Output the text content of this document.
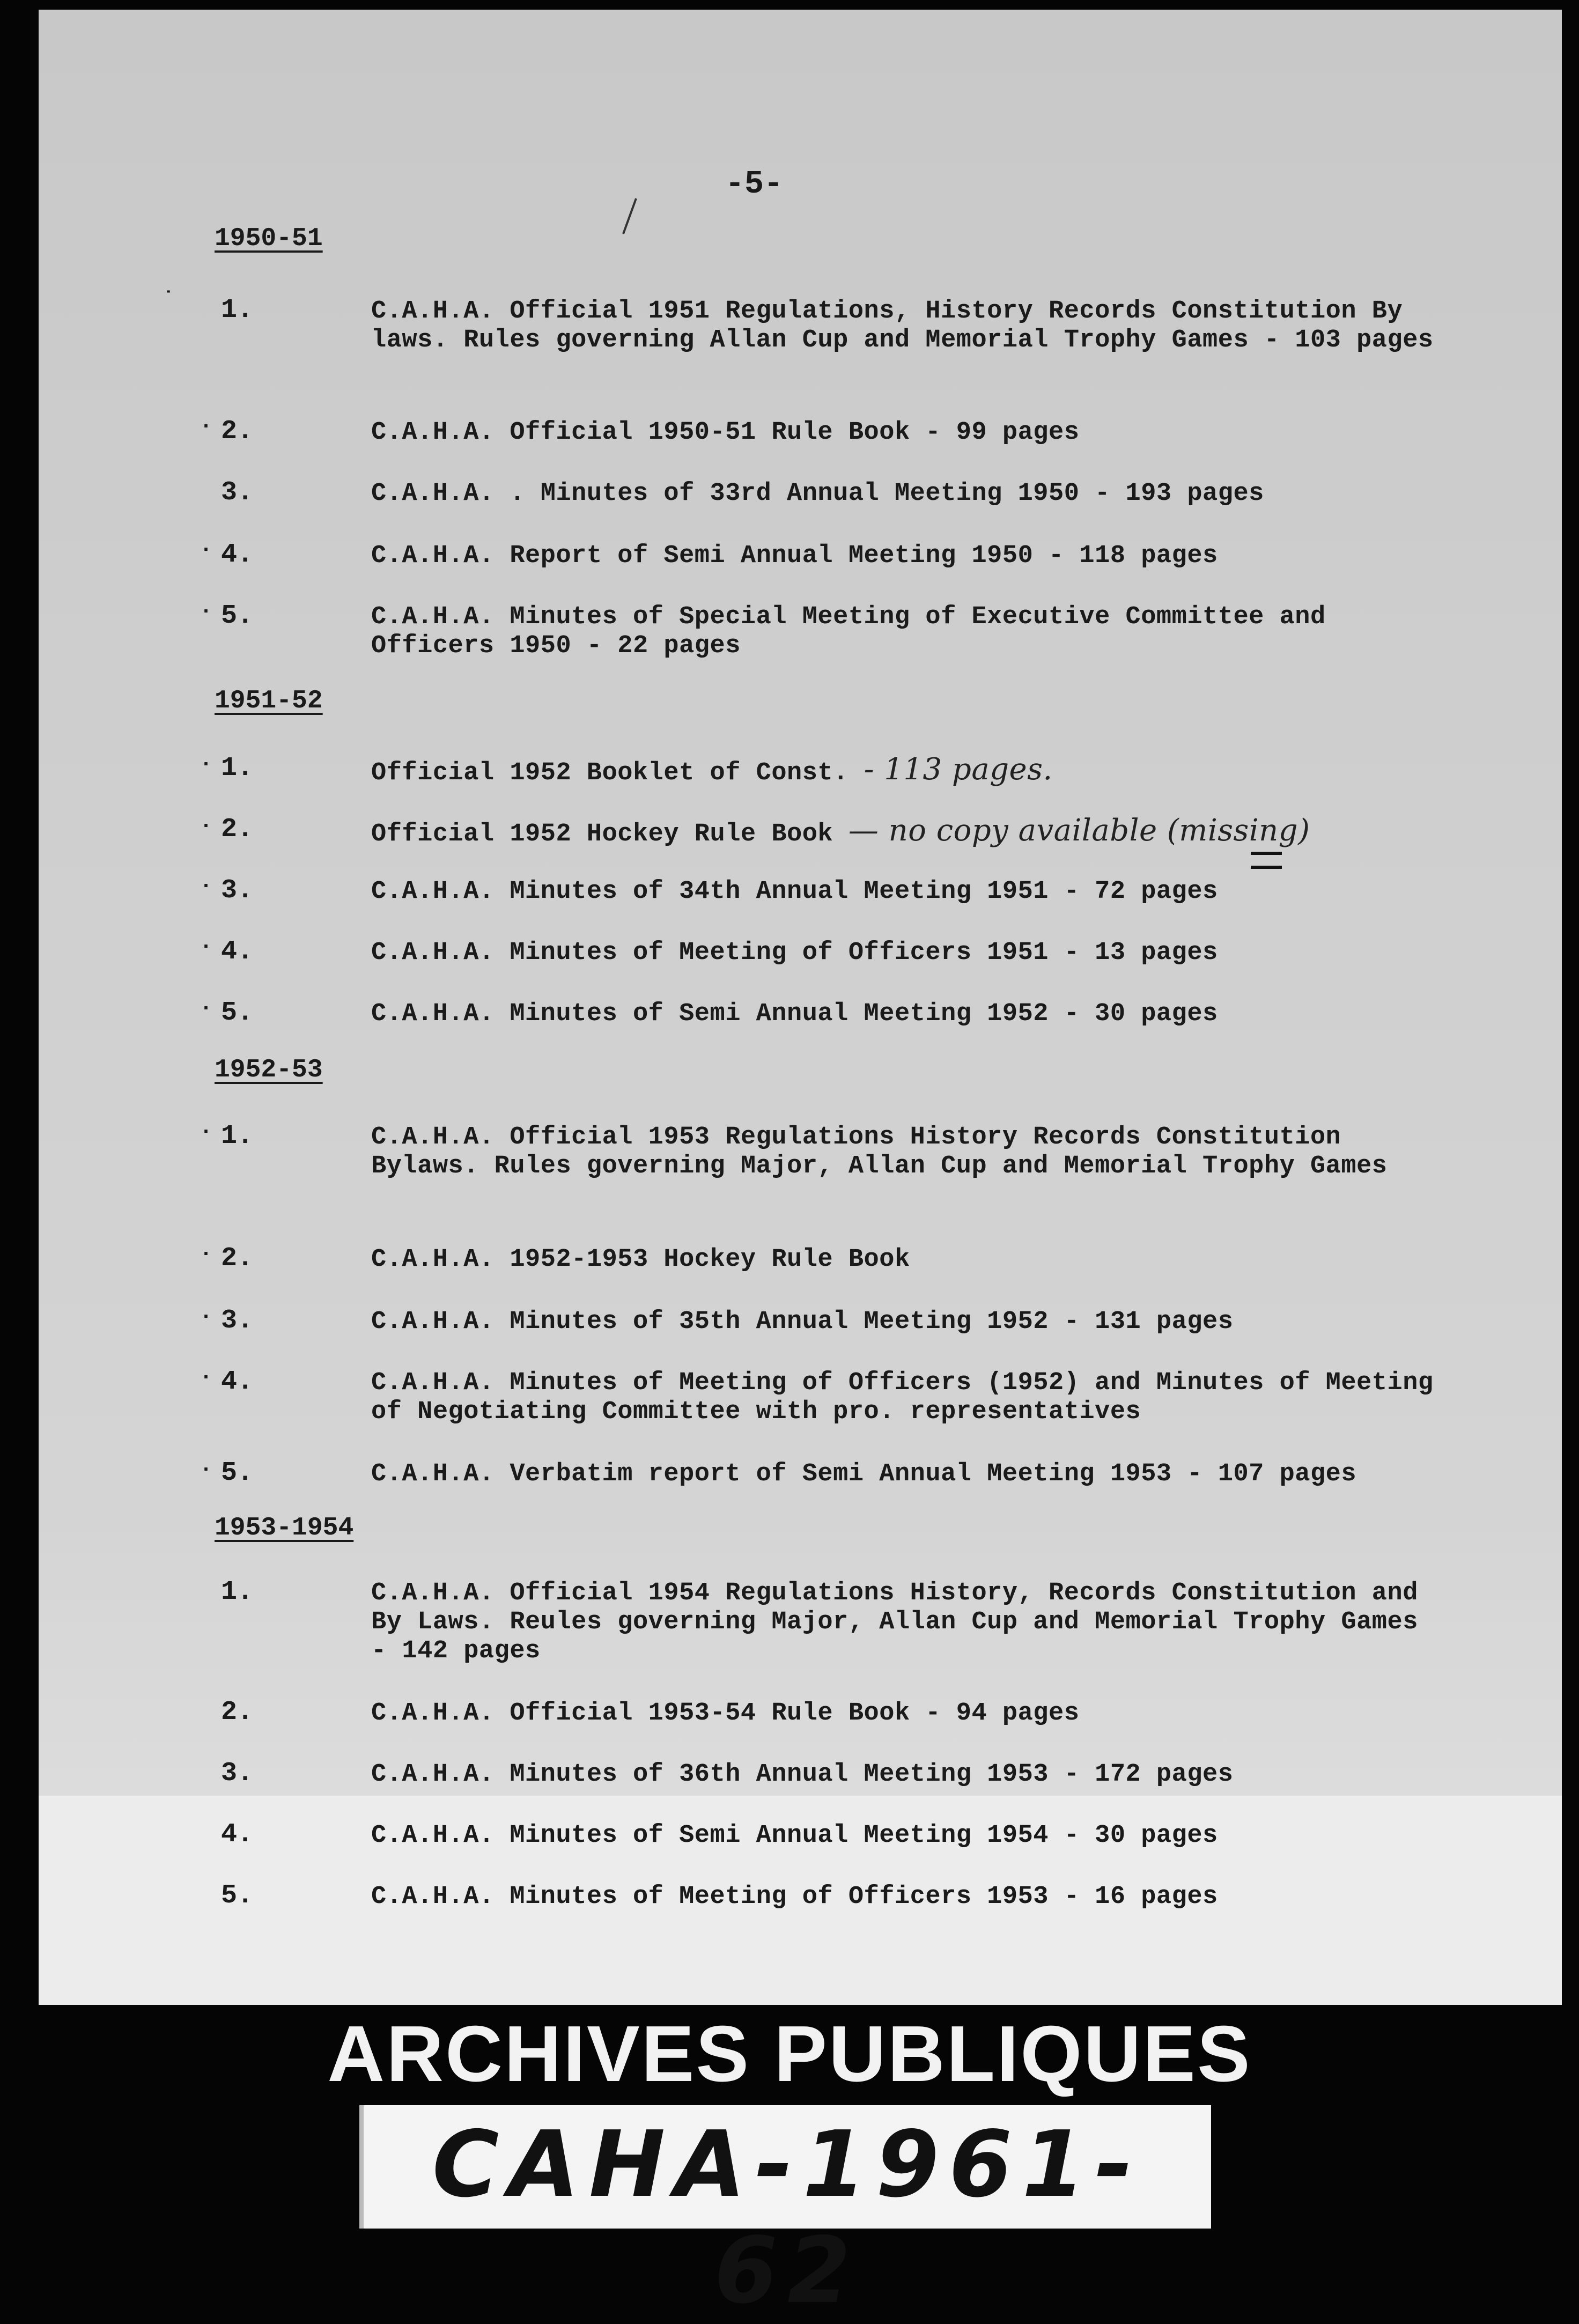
-5-
1950-51
˙ 1.	C.A.H.A. Official 1951 Regulations, History Records Constitution By laws. Rules governing Allan Cup and Memorial Trophy Games - 103 pages
· 2.	C.A.H.A. Official 1950-51 Rule Book - 99 pages
3.	C.A.H.A. . Minutes of 33rd Annual Meeting 1950 - 193 pages
· 4.	C.A.H.A. Report of Semi Annual Meeting 1950 - 118 pages
· 5.	C.A.H.A. Minutes of Special Meeting of Executive Committee and Officers 1950 - 22 pages
1951-52
· 1.	Official 1952 Booklet of Const. - 113 pages.
· 2.	Official 1952 Hockey Rule Book — no copy available (missing)
· 3.	C.A.H.A. Minutes of 34th Annual Meeting 1951 - 72 pages
· 4.	C.A.H.A. Minutes of Meeting of Officers 1951 - 13 pages
· 5.	C.A.H.A. Minutes of Semi Annual Meeting 1952 - 30 pages
1952-53
· 1.	C.A.H.A. Official 1953 Regulations History Records Constitution Bylaws. Rules governing Major, Allan Cup and Memorial Trophy Games
· 2.	C.A.H.A. 1952-1953 Hockey Rule Book
· 3.	C.A.H.A. Minutes of 35th Annual Meeting 1952 - 131 pages
· 4.	C.A.H.A. Minutes of Meeting of Officers (1952) and Minutes of Meeting of Negotiating Committee with pro. representatives
· 5.	C.A.H.A. Verbatim report of Semi Annual Meeting 1953 - 107 pages
1953-1954
1.	C.A.H.A. Official 1954 Regulations History, Records Constitution and By Laws. Reules governing Major, Allan Cup and Memorial Trophy Games - 142 pages
2.	C.A.H.A. Official 1953-54 Rule Book - 94 pages
3.	C.A.H.A. Minutes of 36th Annual Meeting 1953 - 172 pages
4.	C.A.H.A. Minutes of Semi Annual Meeting 1954 - 30 pages
5.	C.A.H.A. Minutes of Meeting of Officers 1953 - 16 pages
ARCHIVES PUBLIQUES
CAHA-1961-62
